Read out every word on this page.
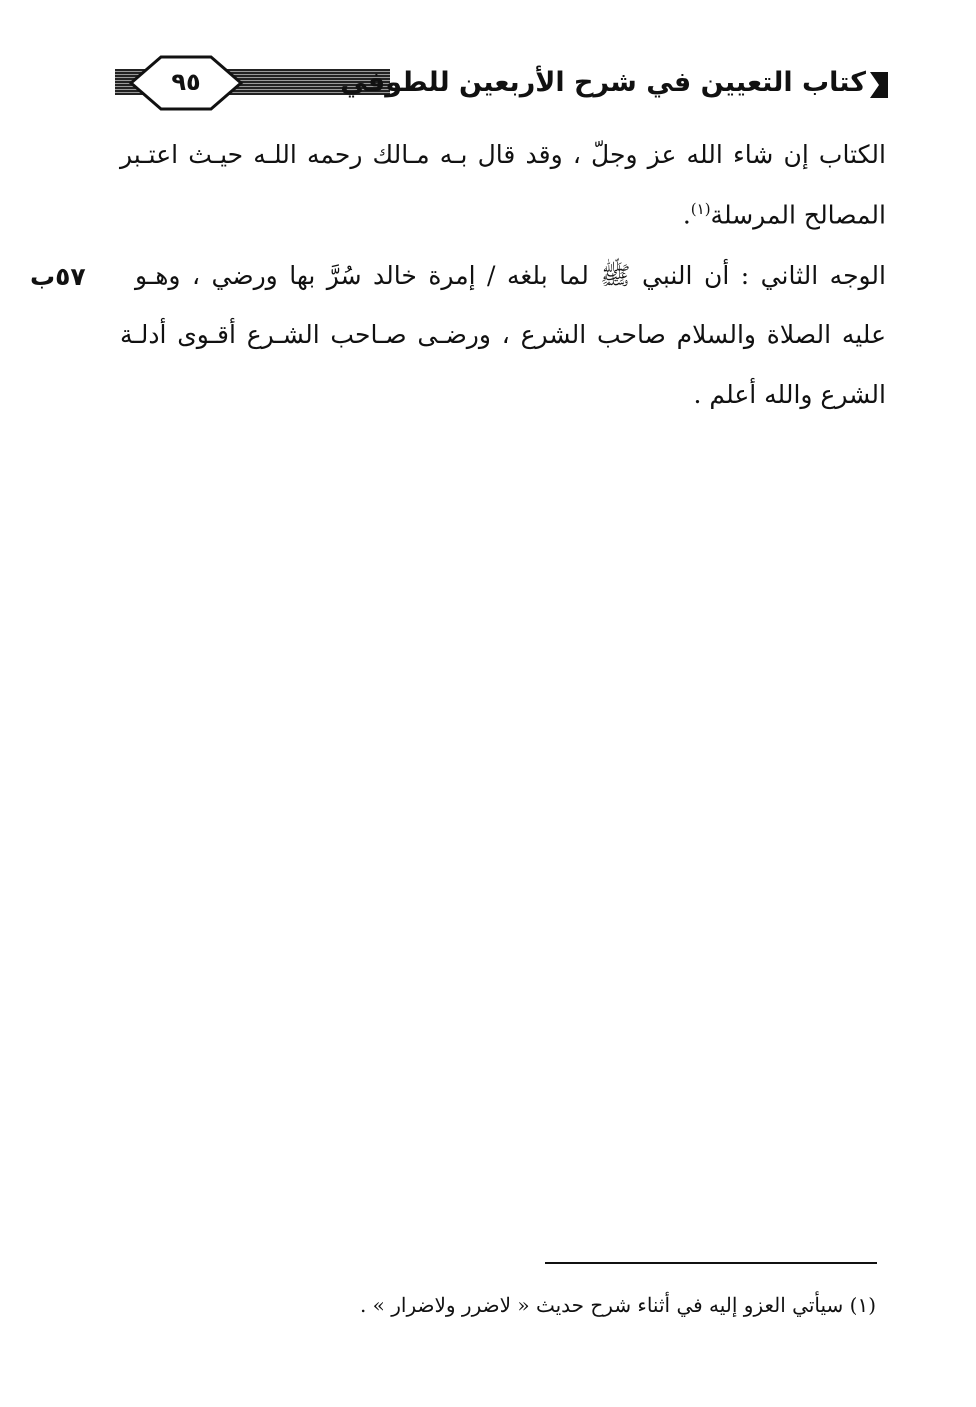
٩٥	كتاب التعيين في شرح الأربعين للطوفي
الكتاب إن شاء الله عز وجلّ ، وقد قال بـه مـالك رحمه اللـه حيـث اعتـبر
المصالح المرسلة$^{(١)}$.
الوجه الثاني : أن النبي ﷺ لما بلغه / إمرة خالد سُرَّ بها ورضي ، وهـو
٥٧ب
عليه الصلاة والسلام صاحب الشرع ، ورضـى صـاحب الشـرع أقـوى أدلـة
الشرع والله أعلم .
(١) سيأتي العزو إليه في أثناء شرح حديث « لاضرر ولاضرار » .
